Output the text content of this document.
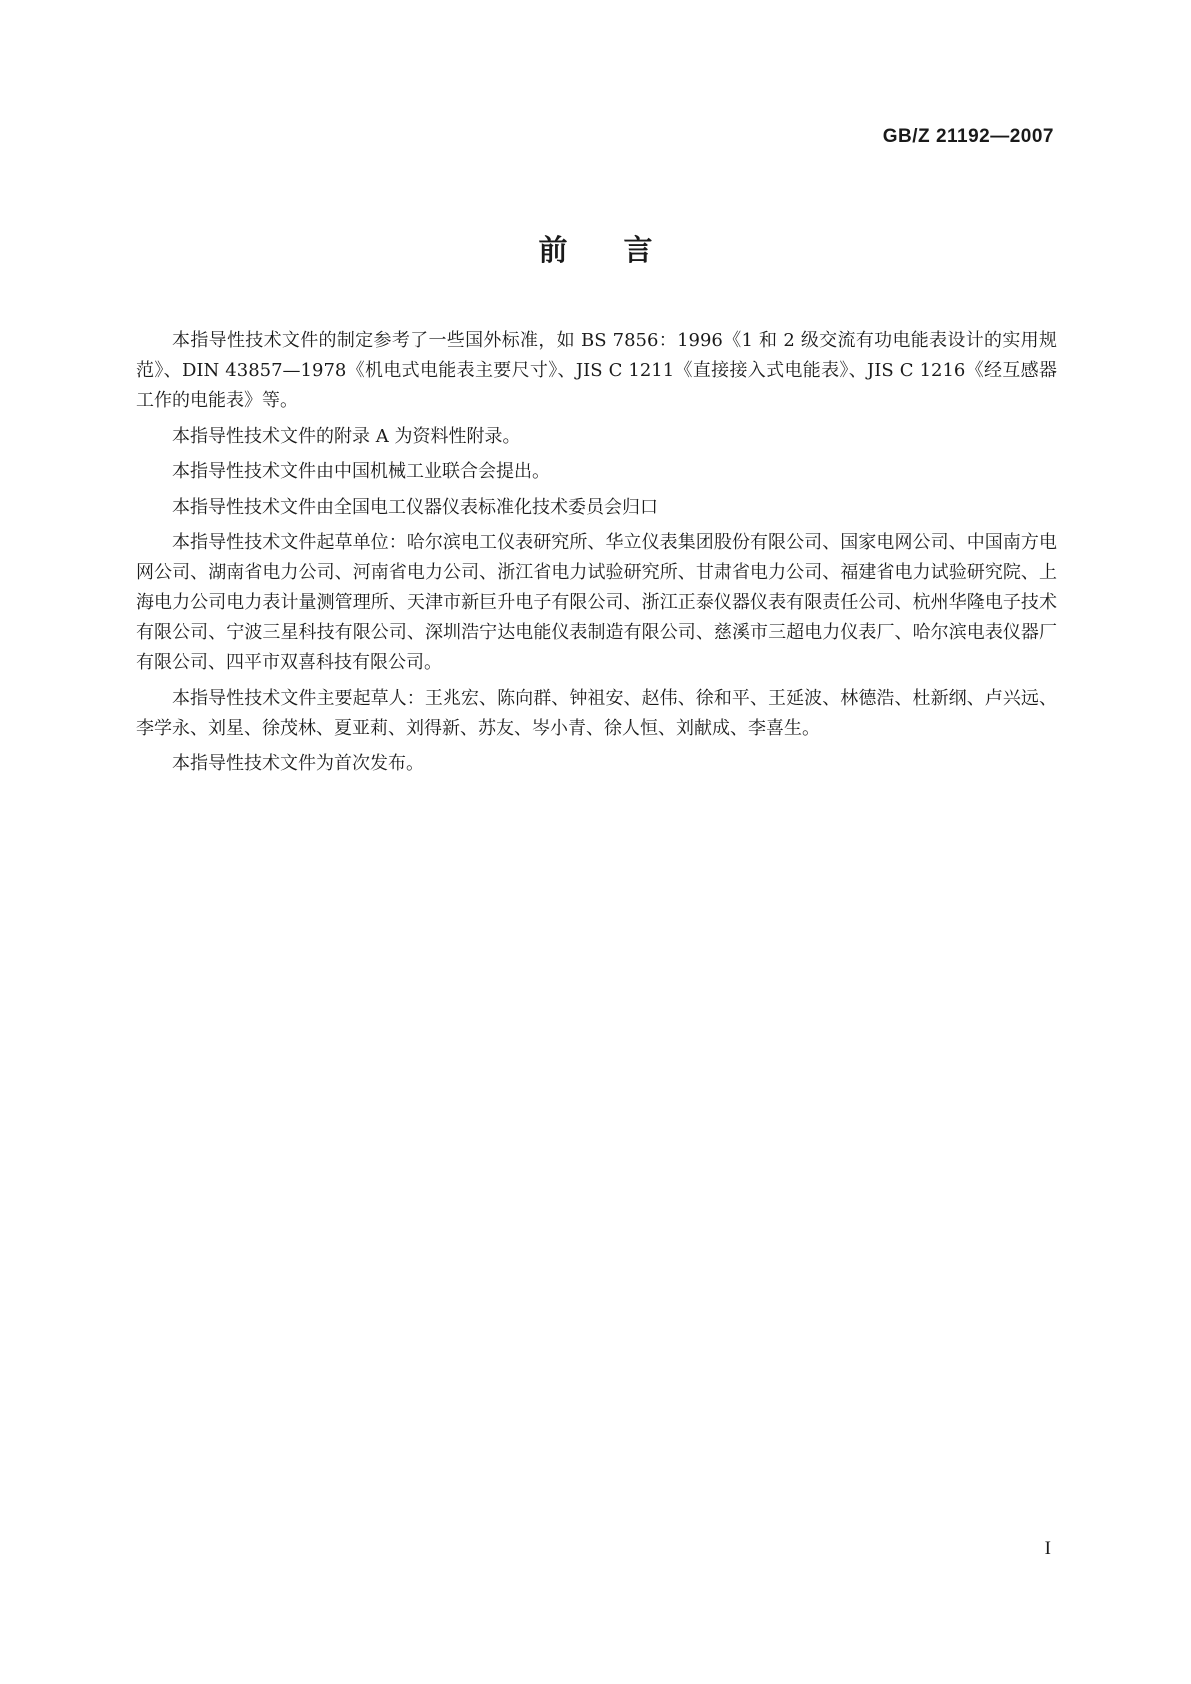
GB/Z 21192—2007
前言

本指导性技术文件的制定参考了一些国外标准，如 BS 7856：1996《1 和 2 级交流有功电能表设计的实用规范》、DIN 43857—1978《机电式电能表主要尺寸》、JIS C 1211《直接接入式电能表》、JIS C 1216《经互感器工作的电能表》等。

本指导性技术文件的附录 A 为资料性附录。

本指导性技术文件由中国机械工业联合会提出。

本指导性技术文件由全国电工仪器仪表标准化技术委员会归口

本指导性技术文件起草单位：哈尔滨电工仪表研究所、华立仪表集团股份有限公司、国家电网公司、中国南方电网公司、湖南省电力公司、河南省电力公司、浙江省电力试验研究所、甘肃省电力公司、福建省电力试验研究院、上海电力公司电力表计量测管理所、天津市新巨升电子有限公司、浙江正泰仪器仪表有限责任公司、杭州华隆电子技术有限公司、宁波三星科技有限公司、深圳浩宁达电能仪表制造有限公司、慈溪市三超电力仪表厂、哈尔滨电表仪器厂有限公司、四平市双喜科技有限公司。

本指导性技术文件主要起草人：王兆宏、陈向群、钟祖安、赵伟、徐和平、王延波、林德浩、杜新纲、卢兴远、李学永、刘星、徐茂林、夏亚莉、刘得新、苏友、岑小青、徐人恒、刘献成、李喜生。

本指导性技术文件为首次发布。

I
